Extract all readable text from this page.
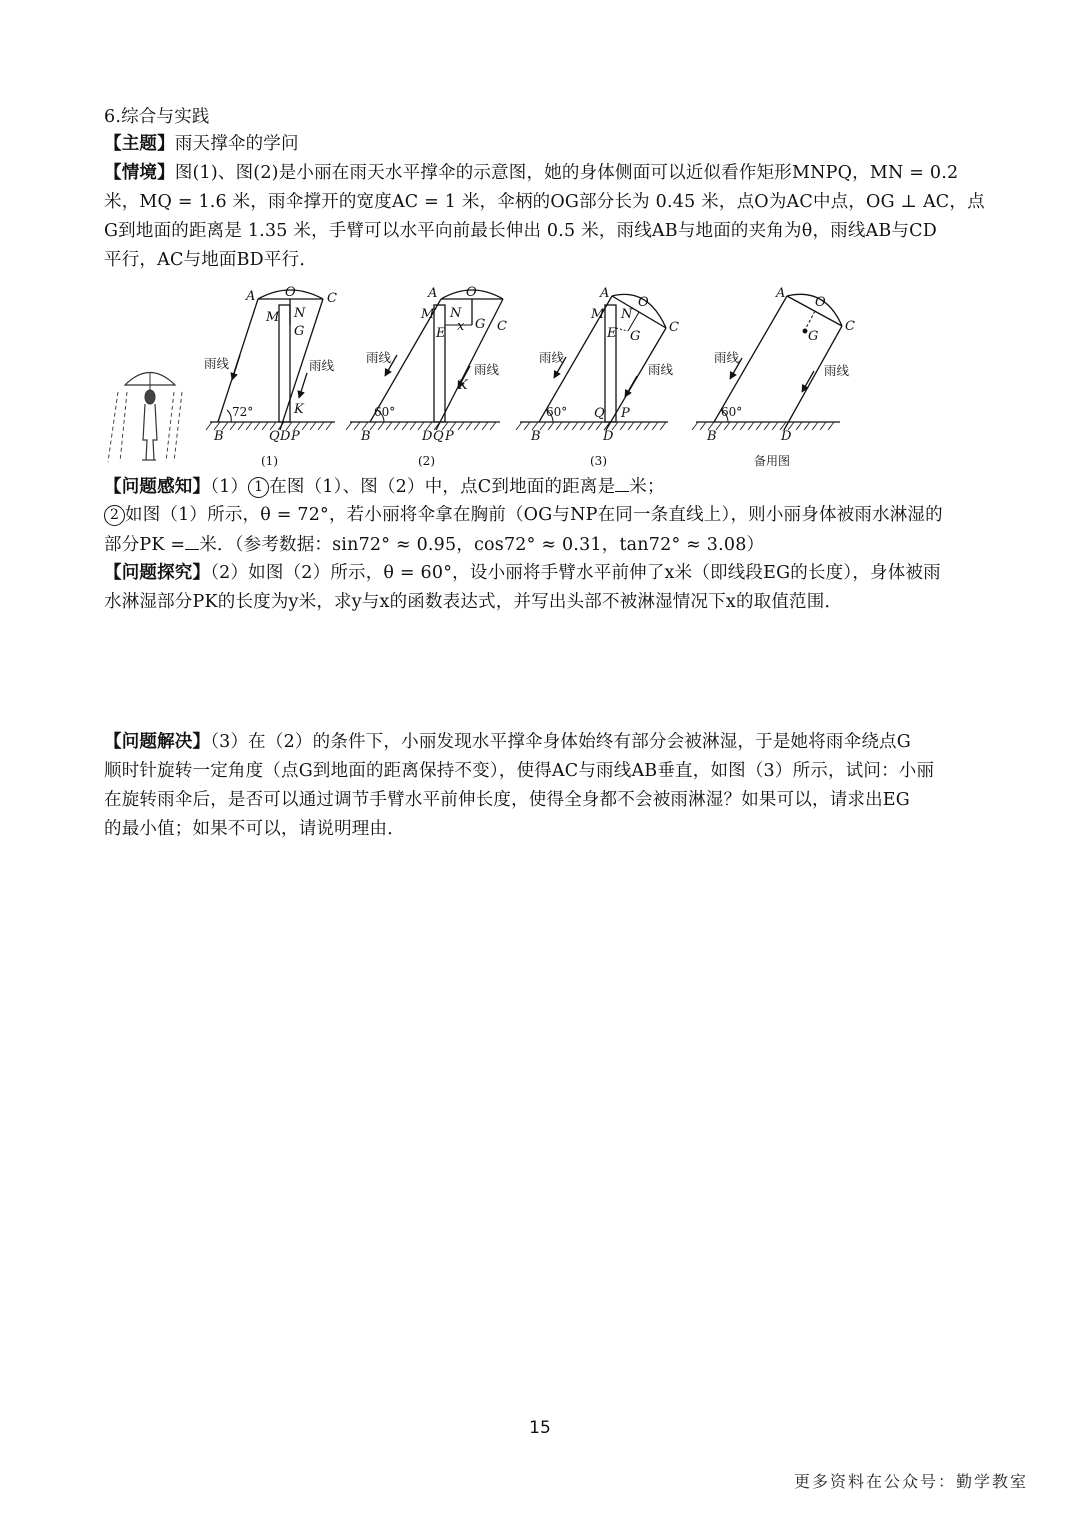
6.综合与实践
【主题】雨天撑伞的学问
【情境】图(1)、图(2)是小丽在雨天水平撑伞的示意图，她的身体侧面可以近似看作矩形MNPQ，MN = 0.2
米，MQ = 1.6 米，雨伞撑开的宽度AC = 1 米，伞柄的OG部分长为 0.45 米，点O为AC中点，OG ⊥ AC，点
G到地面的距离是 1.35 米，手臂可以水平向前最长伸出 0.5 米，雨线AB与地面的夹角为θ，雨线AB与CD
平行，AC与地面BD平行．
A O C
M N
G
K
B	Q D P
雨线	雨线
72°
(1)
A O
C
M N
G
E x
K
B	D Q P
雨线
雨线
60°
(2)
A
O
C
M N
G
E
B
Q
D
P
雨线
雨线
60°
(3)
A
O
C
G
B	D
雨线
雨线
60°
备用图
【问题感知】（1） 1 在图（1）、图（2）中，点C到地面的距离是 米；
2 如图（1）所示，θ = 72°，若小丽将伞拿在胸前（OG与NP在同一条直线上），则小丽身体被雨水淋湿的
部分PK = 米．（参考数据：sin72° ≈ 0.95，cos72° ≈ 0.31，tan72° ≈ 3.08）
【问题探究】（2）如图（2）所示，θ = 60°，设小丽将手臂水平前伸了x米（即线段EG的长度），身体被雨
水淋湿部分PK的长度为y米，求y与x的函数表达式，并写出头部不被淋湿情况下x的取值范围．
【问题解决】（3）在（2）的条件下，小丽发现水平撑伞身体始终有部分会被淋湿，于是她将雨伞绕点G
顺时针旋转一定角度（点G到地面的距离保持不变），使得AC与雨线AB垂直，如图（3）所示，试问：小丽
在旋转雨伞后，是否可以通过调节手臂水平前伸长度，使得全身都不会被雨淋湿？如果可以，请求出EG
的最小值；如果不可以，请说明理由．
15
更多资料在公众号：勤学教室
